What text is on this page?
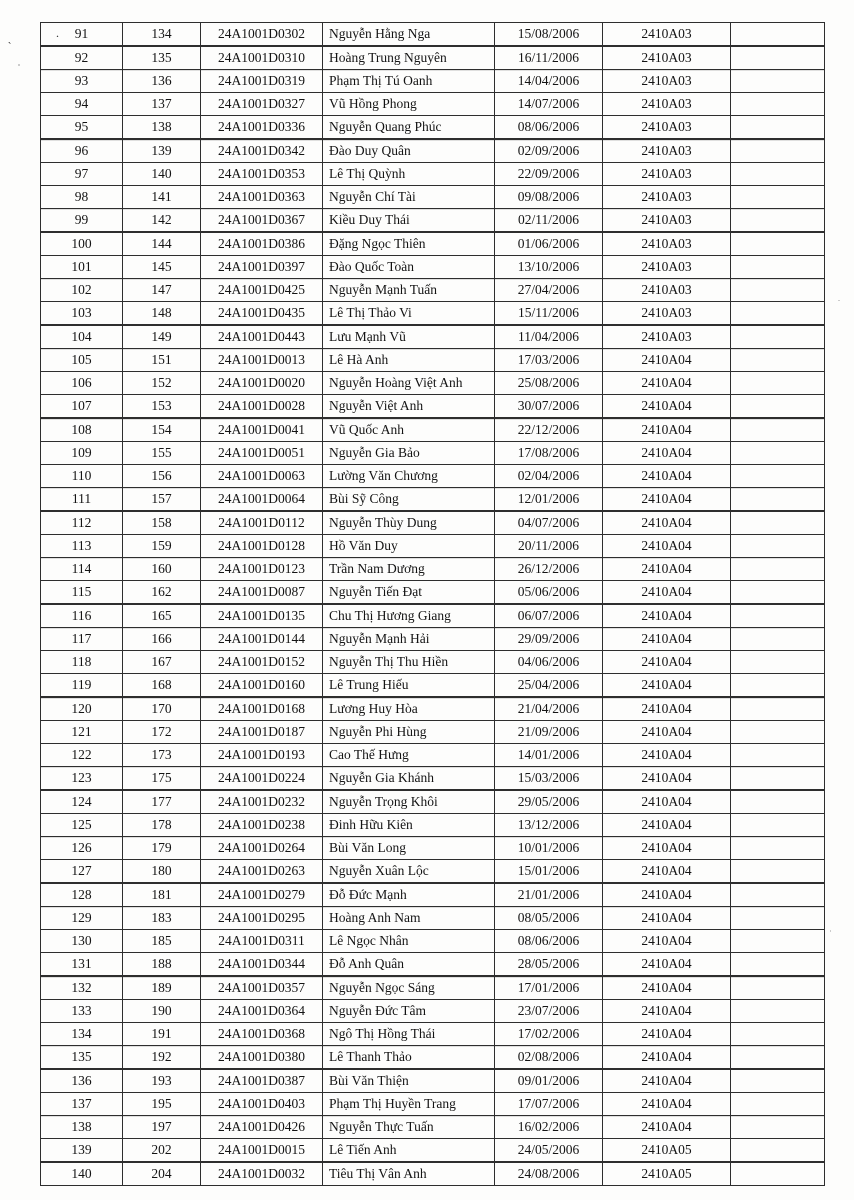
.
‵
91	134	24A1001D0302	Nguyễn Hằng Nga	15/08/2006	2410A03	
92	135	24A1001D0310	Hoàng Trung Nguyên	16/11/2006	2410A03	
93	136	24A1001D0319	Phạm Thị Tú Oanh	14/04/2006	2410A03	
94	137	24A1001D0327	Vũ Hồng Phong	14/07/2006	2410A03	
95	138	24A1001D0336	Nguyễn Quang Phúc	08/06/2006	2410A03	
96	139	24A1001D0342	Đào Duy Quân	02/09/2006	2410A03	
97	140	24A1001D0353	Lê Thị Quỳnh	22/09/2006	2410A03	
98	141	24A1001D0363	Nguyễn Chí Tài	09/08/2006	2410A03	
99	142	24A1001D0367	Kiều Duy Thái	02/11/2006	2410A03	
100	144	24A1001D0386	Đặng Ngọc Thiên	01/06/2006	2410A03	
101	145	24A1001D0397	Đào Quốc Toàn	13/10/2006	2410A03	
102	147	24A1001D0425	Nguyễn Mạnh Tuấn	27/04/2006	2410A03	
103	148	24A1001D0435	Lê Thị Thảo Vi	15/11/2006	2410A03	
104	149	24A1001D0443	Lưu Mạnh Vũ	11/04/2006	2410A03	
105	151	24A1001D0013	Lê Hà Anh	17/03/2006	2410A04	
106	152	24A1001D0020	Nguyễn Hoàng Việt Anh	25/08/2006	2410A04	
107	153	24A1001D0028	Nguyễn Việt Anh	30/07/2006	2410A04	
108	154	24A1001D0041	Vũ Quốc Anh	22/12/2006	2410A04	
109	155	24A1001D0051	Nguyễn Gia Bảo	17/08/2006	2410A04	
110	156	24A1001D0063	Lường Văn Chương	02/04/2006	2410A04	
111	157	24A1001D0064	Bùi Sỹ Công	12/01/2006	2410A04	
112	158	24A1001D0112	Nguyễn Thùy Dung	04/07/2006	2410A04	
113	159	24A1001D0128	Hồ Văn Duy	20/11/2006	2410A04	
114	160	24A1001D0123	Trần Nam Dương	26/12/2006	2410A04	
115	162	24A1001D0087	Nguyễn Tiến Đạt	05/06/2006	2410A04	
116	165	24A1001D0135	Chu Thị Hương Giang	06/07/2006	2410A04	
117	166	24A1001D0144	Nguyễn Mạnh Hải	29/09/2006	2410A04	
118	167	24A1001D0152	Nguyễn Thị Thu Hiền	04/06/2006	2410A04	
119	168	24A1001D0160	Lê Trung Hiếu	25/04/2006	2410A04	
120	170	24A1001D0168	Lương Huy Hòa	21/04/2006	2410A04	
121	172	24A1001D0187	Nguyễn Phi Hùng	21/09/2006	2410A04	
122	173	24A1001D0193	Cao Thế Hưng	14/01/2006	2410A04	
123	175	24A1001D0224	Nguyễn Gia Khánh	15/03/2006	2410A04	
124	177	24A1001D0232	Nguyễn Trọng Khôi	29/05/2006	2410A04	
125	178	24A1001D0238	Đinh Hữu Kiên	13/12/2006	2410A04	
126	179	24A1001D0264	Bùi Văn Long	10/01/2006	2410A04	
127	180	24A1001D0263	Nguyễn Xuân Lộc	15/01/2006	2410A04	
128	181	24A1001D0279	Đỗ Đức Mạnh	21/01/2006	2410A04	
129	183	24A1001D0295	Hoàng Anh Nam	08/05/2006	2410A04	
130	185	24A1001D0311	Lê Ngọc Nhân	08/06/2006	2410A04	
131	188	24A1001D0344	Đỗ Anh Quân	28/05/2006	2410A04	
132	189	24A1001D0357	Nguyễn Ngọc Sáng	17/01/2006	2410A04	
133	190	24A1001D0364	Nguyễn Đức Tâm	23/07/2006	2410A04	
134	191	24A1001D0368	Ngô Thị Hồng Thái	17/02/2006	2410A04	
135	192	24A1001D0380	Lê Thanh Thảo	02/08/2006	2410A04	
136	193	24A1001D0387	Bùi Văn Thiện	09/01/2006	2410A04	
137	195	24A1001D0403	Phạm Thị Huyền Trang	17/07/2006	2410A04	
138	197	24A1001D0426	Nguyễn Thực Tuấn	16/02/2006	2410A04	
139	202	24A1001D0015	Lê Tiến Anh	24/05/2006	2410A05	
140	204	24A1001D0032	Tiêu Thị Vân Anh	24/08/2006	2410A05	
